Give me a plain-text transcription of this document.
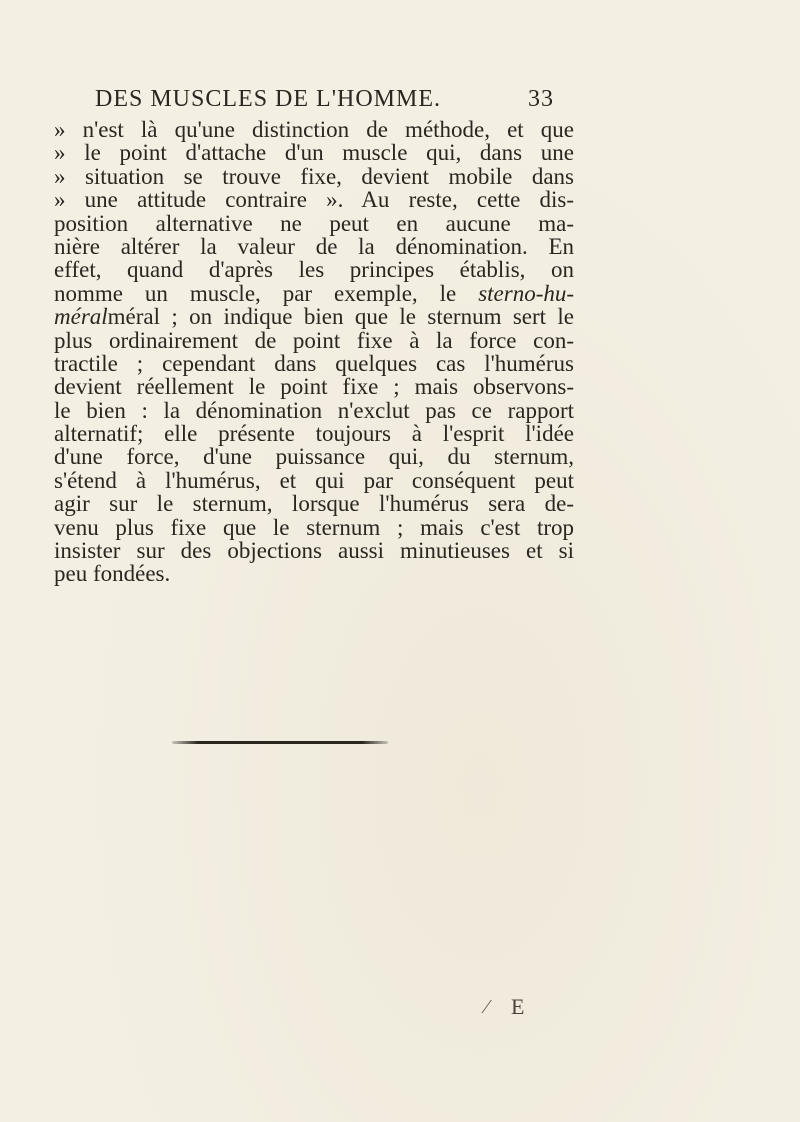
DES MUSCLES DE L'HOMME.	33
» n'est là qu'une distinction de méthode, et que
» le point d'attache d'un muscle qui, dans une
» situation se trouve fixe, devient mobile dans
» une attitude contraire ». Au reste, cette dis-
position alternative ne peut en aucune ma-
nière altérer la valeur de la dénomination. En
effet, quand d'après les principes établis, on
nomme un muscle, par exemple, le sterno-hu-
méralméral ; on indique bien que le sternum sert le
plus ordinairement de point fixe à la force con-
tractile ; cependant dans quelques cas l'humérus
devient réellement le point fixe ; mais observons-
le bien : la dénomination n'exclut pas ce rapport
alternatif; elle présente toujours à l'esprit l'idée
d'une force, d'une puissance qui, du sternum,
s'étend à l'humérus, et qui par conséquent peut
agir sur le sternum, lorsque l'humérus sera de-
venu plus fixe que le sternum ; mais c'est trop
insister sur des objections aussi minutieuses et si
peu fondées.
⁄ E
